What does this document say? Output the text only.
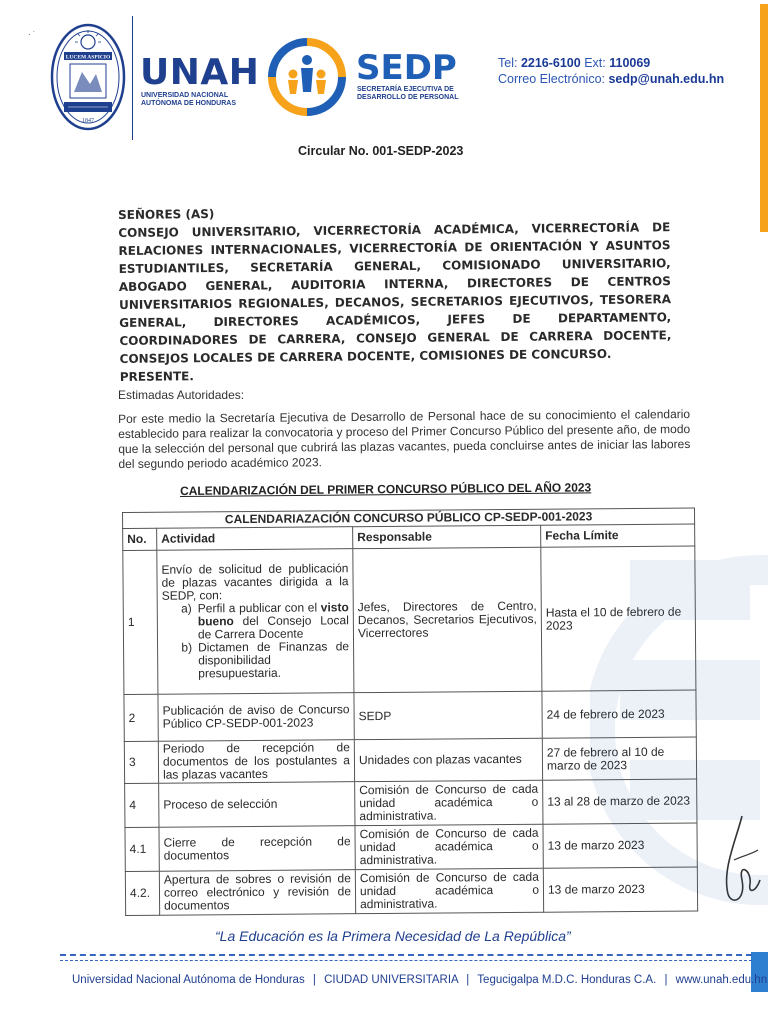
· ˙
LUCEM ASPICIO
1847
UNAH
UNIVERSIDAD NACIONAL
AUTÓNOMA DE HONDURAS
SEDP
SECRETARÍA EJECUTIVA DE
DESARROLLO DE PERSONAL
Tel: 2216-6100 Ext: 110069
Correo Electrónico: sedp@unah.edu.hn
Circular No. 001-SEDP-2023
SEÑORES (AS)
CONSEJO UNIVERSITARIO, VICERRECTORÍA ACADÉMICA, VICERRECTORÍA DE RELACIONES INTERNACIONALES, VICERRECTORÍA DE ORIENTACIÓN Y ASUNTOS ESTUDIANTILES, SECRETARÍA GENERAL, COMISIONADO UNIVERSITARIO, ABOGADO GENERAL, AUDITORIA INTERNA, DIRECTORES DE CENTROS UNIVERSITARIOS REGIONALES, DECANOS, SECRETARIOS EJECUTIVOS, TESORERA GENERAL, DIRECTORES ACADÉMICOS, JEFES DE DEPARTAMENTO, COORDINADORES DE CARRERA, CONSEJO GENERAL DE CARRERA DOCENTE, CONSEJOS LOCALES DE CARRERA DOCENTE, COMISIONES DE CONCURSO.
PRESENTE.
Estimadas Autoridades:
Por este medio la Secretaría Ejecutiva de Desarrollo de Personal hace de su conocimiento el calendario establecido para realizar la convocatoria y proceso del Primer Concurso Público del presente año, de modo que la selección del personal que cubrirá las plazas vacantes, pueda concluirse antes de iniciar las labores del segundo periodo académico 2023.
CALENDARIZACIÓN DEL PRIMER CONCURSO PÚBLICO DEL AÑO 2023
CALENDARIAZACIÓN CONCURSO PÚBLICO CP-SEDP-001-2023			
No.	Actividad	Responsable	Fecha Límite
1	Envío de solicitud de publicación de plazas vacantes dirigida a la SEDP, con:
a) Perfil a publicar con el visto bueno del Consejo Local de Carrera Docente
b) Dictamen de Finanzas de disponibilidad presupuestaria.	Jefes, Directores de Centro, Decanos, Secretarios Ejecutivos, Vicerrectores	Hasta el 10 de febrero de 2023
2	Publicación de aviso de Concurso Público CP-SEDP-001-2023	SEDP	24 de febrero de 2023
3	Periodo de recepción de documentos de los postulantes a las plazas vacantes	Unidades con plazas vacantes	27 de febrero al 10 de marzo de 2023
4	Proceso de selección	Comisión de Concurso de cada unidad académica o administrativa.	13 al 28 de marzo de 2023
4.1	Cierre de recepción de documentos	Comisión de Concurso de cada unidad académica o administrativa.	13 de marzo 2023
4.2.	Apertura de sobres o revisión de correo electrónico y revisión de documentos	Comisión de Concurso de cada unidad académica o administrativa.	13 de marzo 2023
“La Educación es la Primera Necesidad de La República”
Universidad Nacional Autónoma de Honduras | CIUDAD UNIVERSITARIA | Tegucigalpa M.D.C. Honduras C.A. | www.unah.edu.hn
